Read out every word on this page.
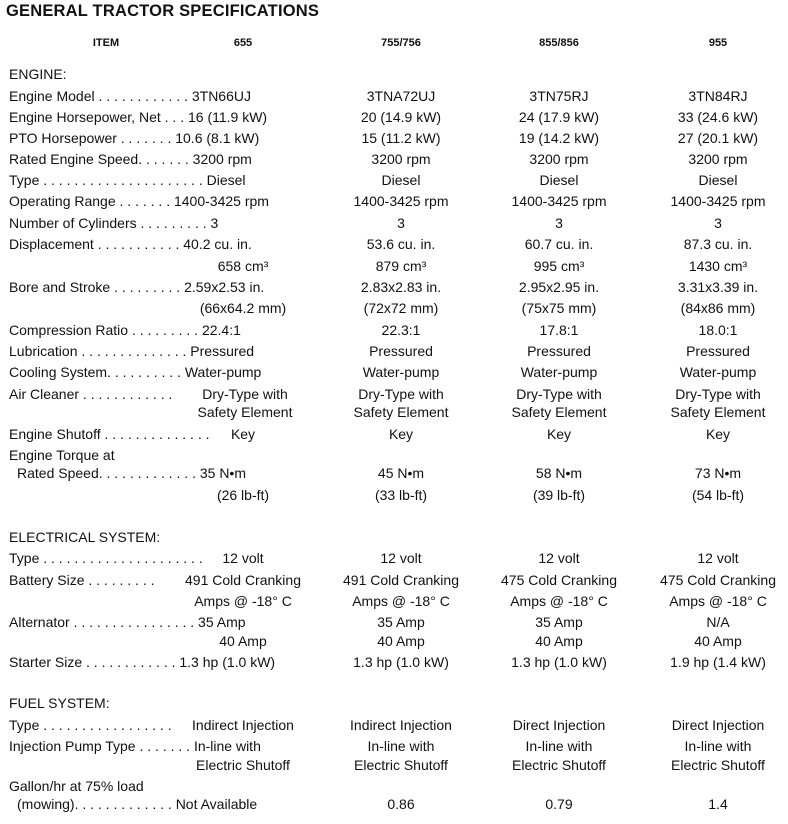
GENERAL TRACTOR SPECIFICATIONS
ITEM	655	755/756	855/856	955
ENGINE:
Engine Model . . . . . . . . . . . . 3TN66UJ	3TNA72UJ	3TN75RJ	3TN84RJ
Engine Horsepower, Net . . . 16 (11.9 kW)	20 (14.9 kW)	24 (17.9 kW)	33 (24.6 kW)
PTO Horsepower . . . . . . . 10.6 (8.1 kW)	15 (11.2 kW)	19 (14.2 kW)	27 (20.1 kW)
Rated Engine Speed. . . . . . . 3200 rpm	3200 rpm	3200 rpm	3200 rpm
Type . . . . . . . . . . . . . . . . . . . . . Diesel	Diesel	Diesel	Diesel
Operating Range . . . . . . . 1400-3425 rpm	1400-3425 rpm	1400-3425 rpm	1400-3425 rpm
Number of Cylinders . . . . . . . . . 3	3	3	3
Displacement . . . . . . . . . . . 40.2 cu. in.	53.6 cu. in.	60.7 cu. in.	87.3 cu. in.
658 cm³	879 cm³	995 cm³	1430 cm³
Bore and Stroke . . . . . . . . . 2.59x2.53 in.	2.83x2.83 in.	2.95x2.95 in.	3.31x3.39 in.
(66x64.2 mm)	(72x72 mm)	(75x75 mm)	(84x86 mm)
Compression Ratio . . . . . . . . . 22.4:1	22.3:1	17.8:1	18.0:1
Lubrication . . . . . . . . . . . . . . Pressured	Pressured	Pressured	Pressured
Cooling System. . . . . . . . . . Water-pump	Water-pump	Water-pump	Water-pump
Air Cleaner . . . . . . . . . . . . Dry-Type with	Dry-Type with	Dry-Type with	Dry-Type with
Safety Element	Safety Element	Safety Element	Safety Element
Engine Shutoff . . . . . . . . . . . . . . Key	Key	Key	Key
Engine Torque at
Rated Speed. . . . . . . . . . . . . 35 N•m	45 N•m	58 N•m	73 N•m
(26 lb-ft)	(33 lb-ft)	(39 lb-ft)	(54 lb-ft)
ELECTRICAL SYSTEM:
Type . . . . . . . . . . . . . . . . . . . . . 12 volt	12 volt	12 volt	12 volt
Battery Size . . . . . . . . . 491 Cold Cranking	491 Cold Cranking	475 Cold Cranking	475 Cold Cranking
Amps @ -18° C	Amps @ -18° C	Amps @ -18° C	Amps @ -18° C
Alternator . . . . . . . . . . . . . . . . 35 Amp	35 Amp	35 Amp	N/A
40 Amp	40 Amp	40 Amp	40 Amp
Starter Size . . . . . . . . . . . . 1.3 hp (1.0 kW)	1.3 hp (1.0 kW)	1.3 hp (1.0 kW)	1.9 hp (1.4 kW)
FUEL SYSTEM:
Type . . . . . . . . . . . . . . . . . Indirect Injection	Indirect Injection	Direct Injection	Direct Injection
Injection Pump Type . . . . . . . In-line with	In-line with	In-line with	In-line with
Electric Shutoff	Electric Shutoff	Electric Shutoff	Electric Shutoff
Gallon/hr at 75% load
(mowing). . . . . . . . . . . . . Not Available	0.86	0.79	1.4
